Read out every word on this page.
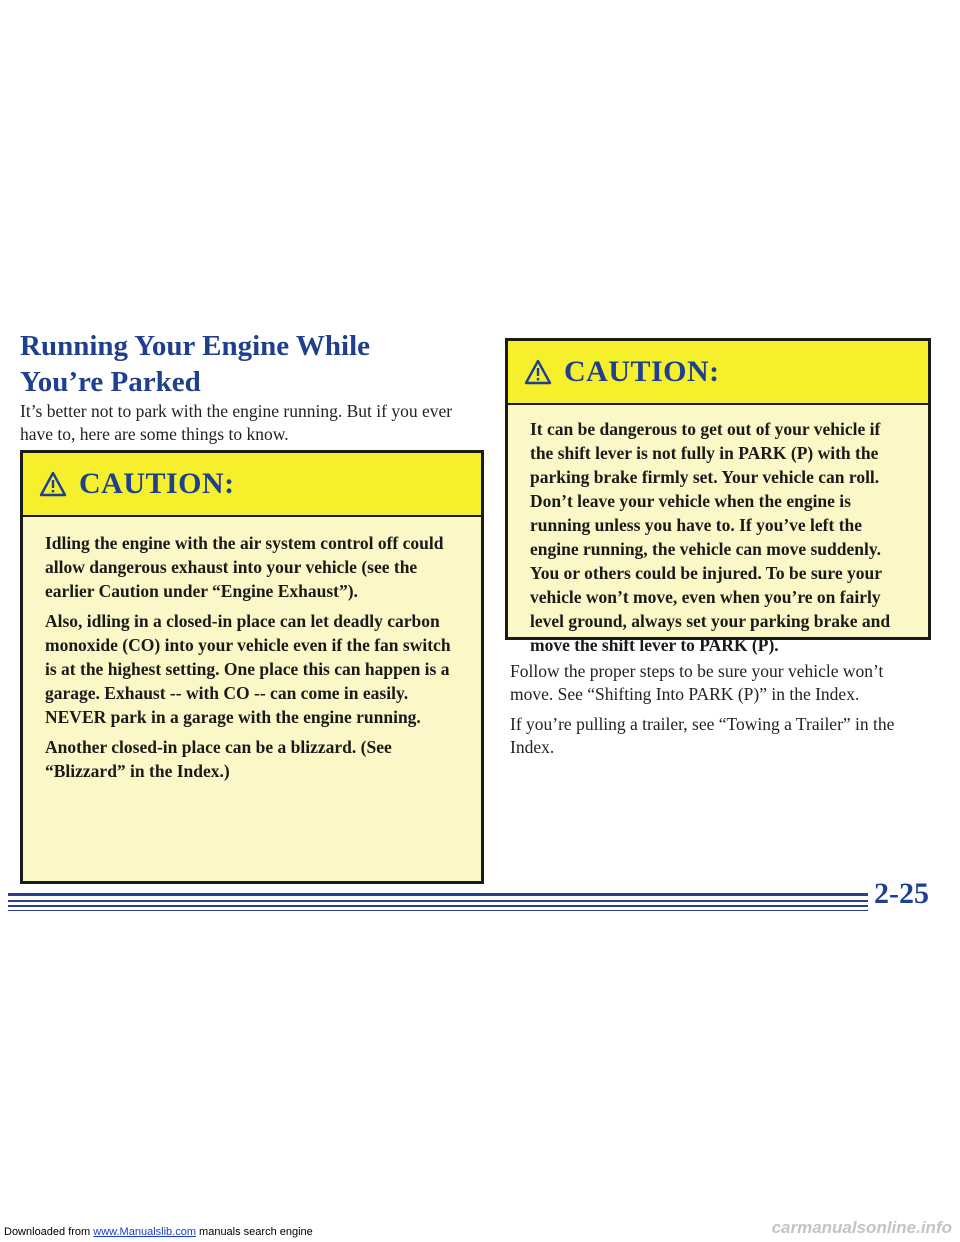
Running Your Engine While
You’re Parked

It’s better not to park with the engine running. But if you ever have to, here are some things to know.

CAUTION:

Idling the engine with the air system control off could allow dangerous exhaust into your vehicle (see the earlier Caution under “Engine Exhaust”).

Also, idling in a closed-in place can let deadly carbon monoxide (CO) into your vehicle even if the fan switch is at the highest setting. One place this can happen is a garage. Exhaust -- with CO -- can come in easily. NEVER park in a garage with the engine running.

Another closed-in place can be a blizzard. (See “Blizzard” in the Index.)

CAUTION:

It can be dangerous to get out of your vehicle if the shift lever is not fully in PARK (P) with the parking brake firmly set. Your vehicle can roll. Don’t leave your vehicle when the engine is running unless you have to. If you’ve left the engine running, the vehicle can move suddenly. You or others could be injured. To be sure your vehicle won’t move, even when you’re on fairly level ground, always set your parking brake and move the shift lever to PARK (P).

Follow the proper steps to be sure your vehicle won’t move. See “Shifting Into PARK (P)” in the Index.

If you’re pulling a trailer, see “Towing a Trailer” in the Index.

2-25
Downloaded from www.Manualslib.com manuals search engine	carmanualsonline.info
